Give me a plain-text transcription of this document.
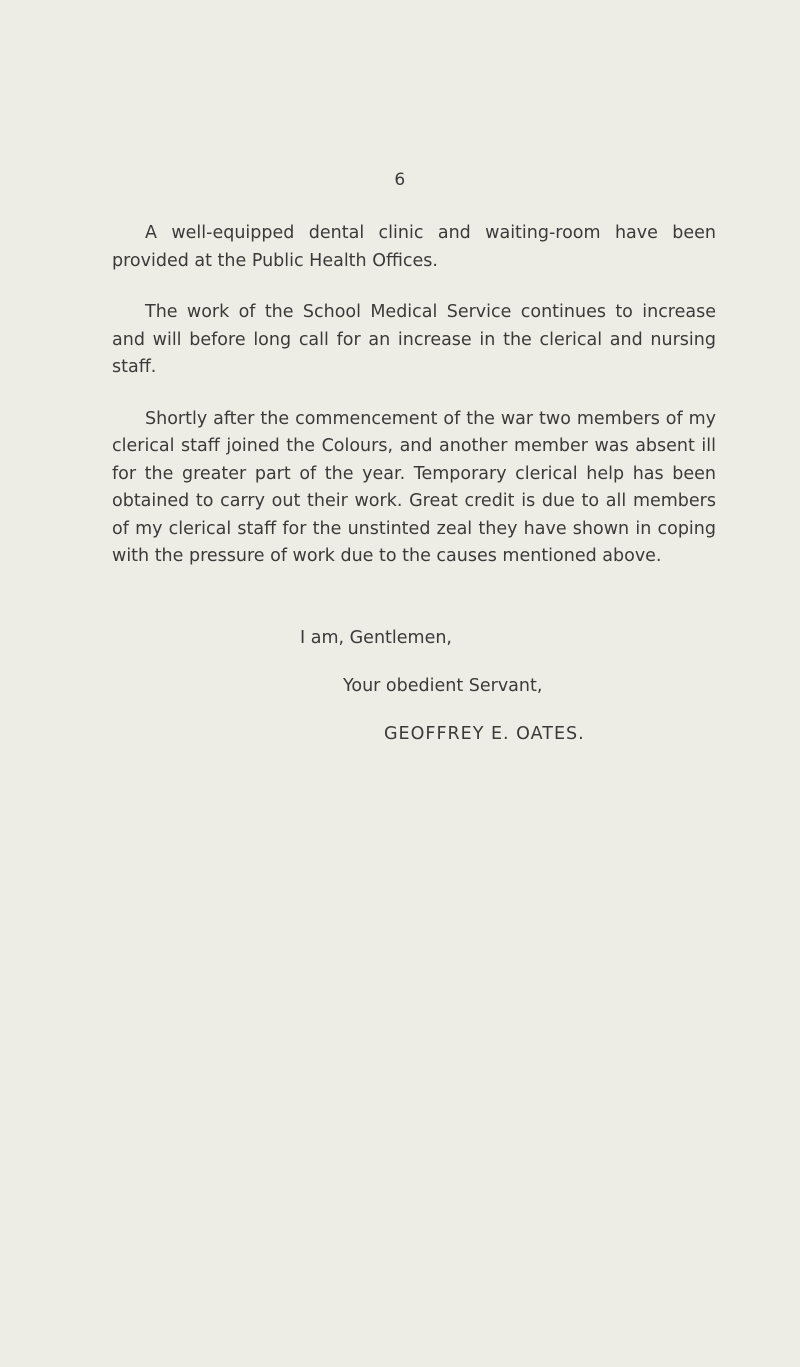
6

A well-equipped dental clinic and waiting-room have been provided at the Public Health Offices.

The work of the School Medical Service continues to increase and will before long call for an increase in the clerical and nursing staff.

Shortly after the commencement of the war two members of my clerical staff joined the Colours, and another member was absent ill for the greater part of the year. Temporary clerical help has been obtained to carry out their work. Great credit is due to all members of my clerical staff for the unstinted zeal they have shown in coping with the pressure of work due to the causes mentioned above.

I am, Gentlemen,
Your obedient Servant,
GEOFFREY E. OATES.
